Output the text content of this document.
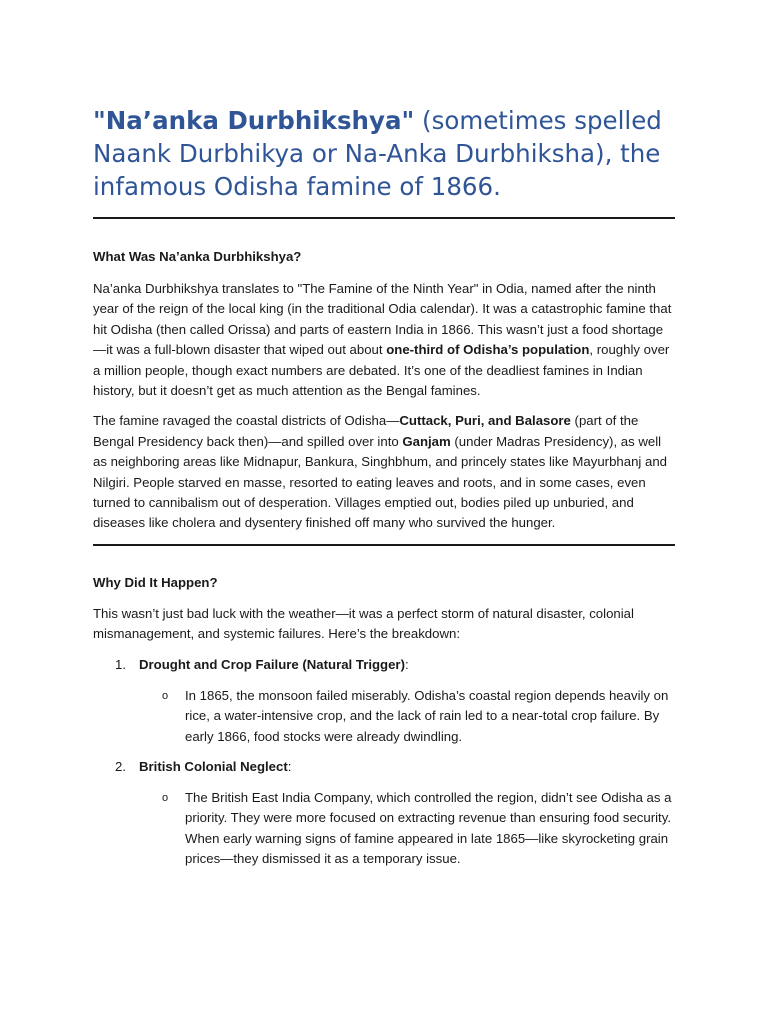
"Na’anka Durbhikshya" (sometimes spelled Naank Durbhikya or Na-Anka Durbhiksha), the infamous Odisha famine of 1866.
What Was Na’anka Durbhikshya?

Na’anka Durbhikshya translates to "The Famine of the Ninth Year" in Odia, named after the ninth year of the reign of the local king (in the traditional Odia calendar). It was a catastrophic famine that hit Odisha (then called Orissa) and parts of eastern India in 1866. This wasn’t just a food shortage—it was a full-blown disaster that wiped out about one-third of Odisha’s population, roughly over a million people, though exact numbers are debated. It’s one of the deadliest famines in Indian history, but it doesn’t get as much attention as the Bengal famines.

The famine ravaged the coastal districts of Odisha—Cuttack, Puri, and Balasore (part of the Bengal Presidency back then)—and spilled over into Ganjam (under Madras Presidency), as well as neighboring areas like Midnapur, Bankura, Singhbhum, and princely states like Mayurbhanj and Nilgiri. People starved en masse, resorted to eating leaves and roots, and in some cases, even turned to cannibalism out of desperation. Villages emptied out, bodies piled up unburied, and diseases like cholera and dysentery finished off many who survived the hunger.

Why Did It Happen?

This wasn’t just bad luck with the weather—it was a perfect storm of natural disaster, colonial mismanagement, and systemic failures. Here’s the breakdown:

1. Drought and Crop Failure (Natural Trigger):
o In 1865, the monsoon failed miserably. Odisha’s coastal region depends heavily on rice, a water-intensive crop, and the lack of rain led to a near-total crop failure. By early 1866, food stocks were already dwindling.

2. British Colonial Neglect:
o The British East India Company, which controlled the region, didn’t see Odisha as a priority. They were more focused on extracting revenue than ensuring food security. When early warning signs of famine appeared in late 1865—like skyrocketing grain prices—they dismissed it as a temporary issue.
